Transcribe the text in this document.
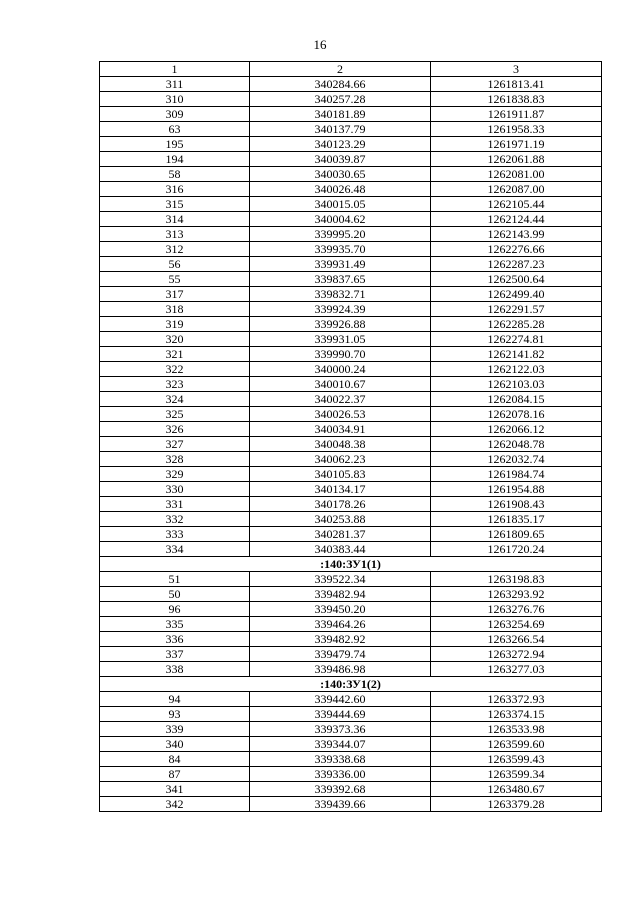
16
1	2	3
311	340284.66	1261813.41
310	340257.28	1261838.83
309	340181.89	1261911.87
63	340137.79	1261958.33
195	340123.29	1261971.19
194	340039.87	1262061.88
58	340030.65	1262081.00
316	340026.48	1262087.00
315	340015.05	1262105.44
314	340004.62	1262124.44
313	339995.20	1262143.99
312	339935.70	1262276.66
56	339931.49	1262287.23
55	339837.65	1262500.64
317	339832.71	1262499.40
318	339924.39	1262291.57
319	339926.88	1262285.28
320	339931.05	1262274.81
321	339990.70	1262141.82
322	340000.24	1262122.03
323	340010.67	1262103.03
324	340022.37	1262084.15
325	340026.53	1262078.16
326	340034.91	1262066.12
327	340048.38	1262048.78
328	340062.23	1262032.74
329	340105.83	1261984.74
330	340134.17	1261954.88
331	340178.26	1261908.43
332	340253.88	1261835.17
333	340281.37	1261809.65
334	340383.44	1261720.24
:140:ЗУ1(1)		
51	339522.34	1263198.83
50	339482.94	1263293.92
96	339450.20	1263276.76
335	339464.26	1263254.69
336	339482.92	1263266.54
337	339479.74	1263272.94
338	339486.98	1263277.03
:140:ЗУ1(2)		
94	339442.60	1263372.93
93	339444.69	1263374.15
339	339373.36	1263533.98
340	339344.07	1263599.60
84	339338.68	1263599.43
87	339336.00	1263599.34
341	339392.68	1263480.67
342	339439.66	1263379.28
